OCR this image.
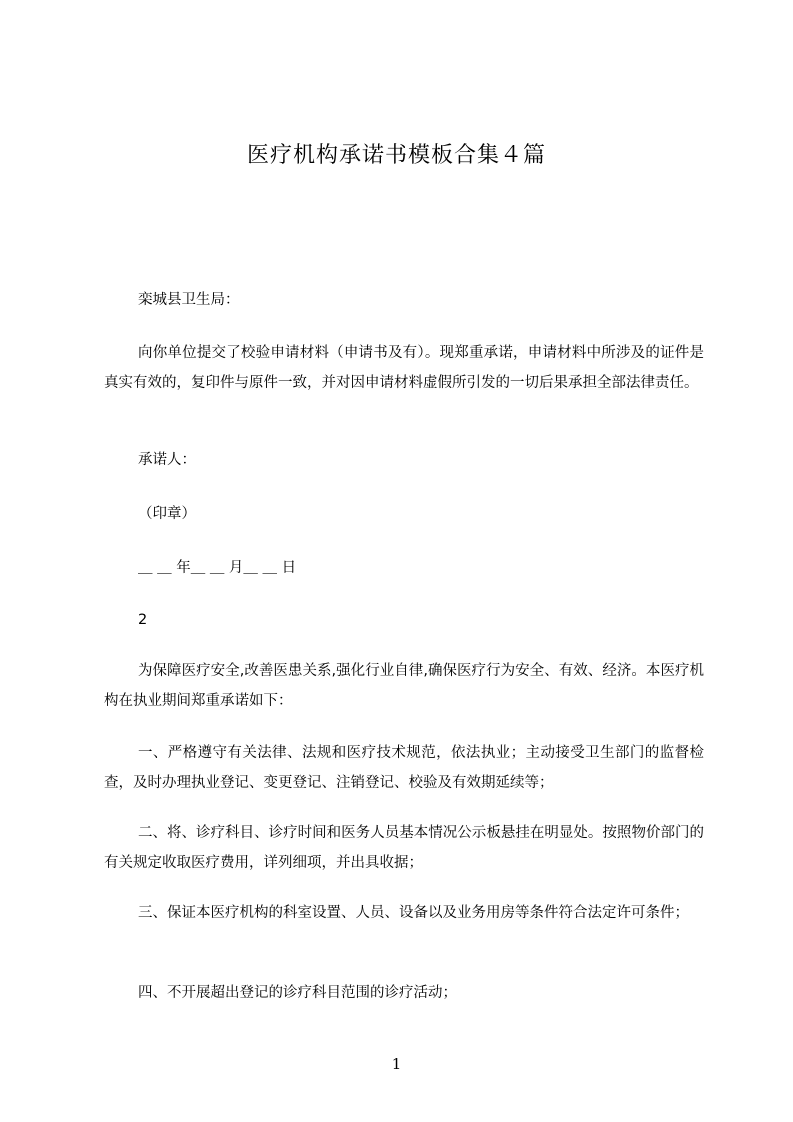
医疗机构承诺书模板合集４篇
栾城县卫生局：
向你单位提交了校验申请材料（申请书及有）。现郑重承诺，申请材料中所涉及的证件是真实有效的，复印件与原件一致，并对因申请材料虚假所引发的一切后果承担全部法律责任。
承诺人：
（印章）
＿ ＿ 年＿ ＿ 月＿ ＿ 日
2
为保障医疗安全,改善医患关系,强化行业自律,确保医疗行为安全、有效、经济。本医疗机构在执业期间郑重承诺如下：
一、严格遵守有关法律、法规和医疗技术规范，依法执业；主动接受卫生部门的监督检查，及时办理执业登记、变更登记、注销登记、校验及有效期延续等；
二、将、诊疗科目、诊疗时间和医务人员基本情况公示板悬挂在明显处。按照物价部门的有关规定收取医疗费用，详列细项，并出具收据；
三、保证本医疗机构的科室设置、人员、设备以及业务用房等条件符合法定许可条件；
四、不开展超出登记的诊疗科目范围的诊疗活动；
1
